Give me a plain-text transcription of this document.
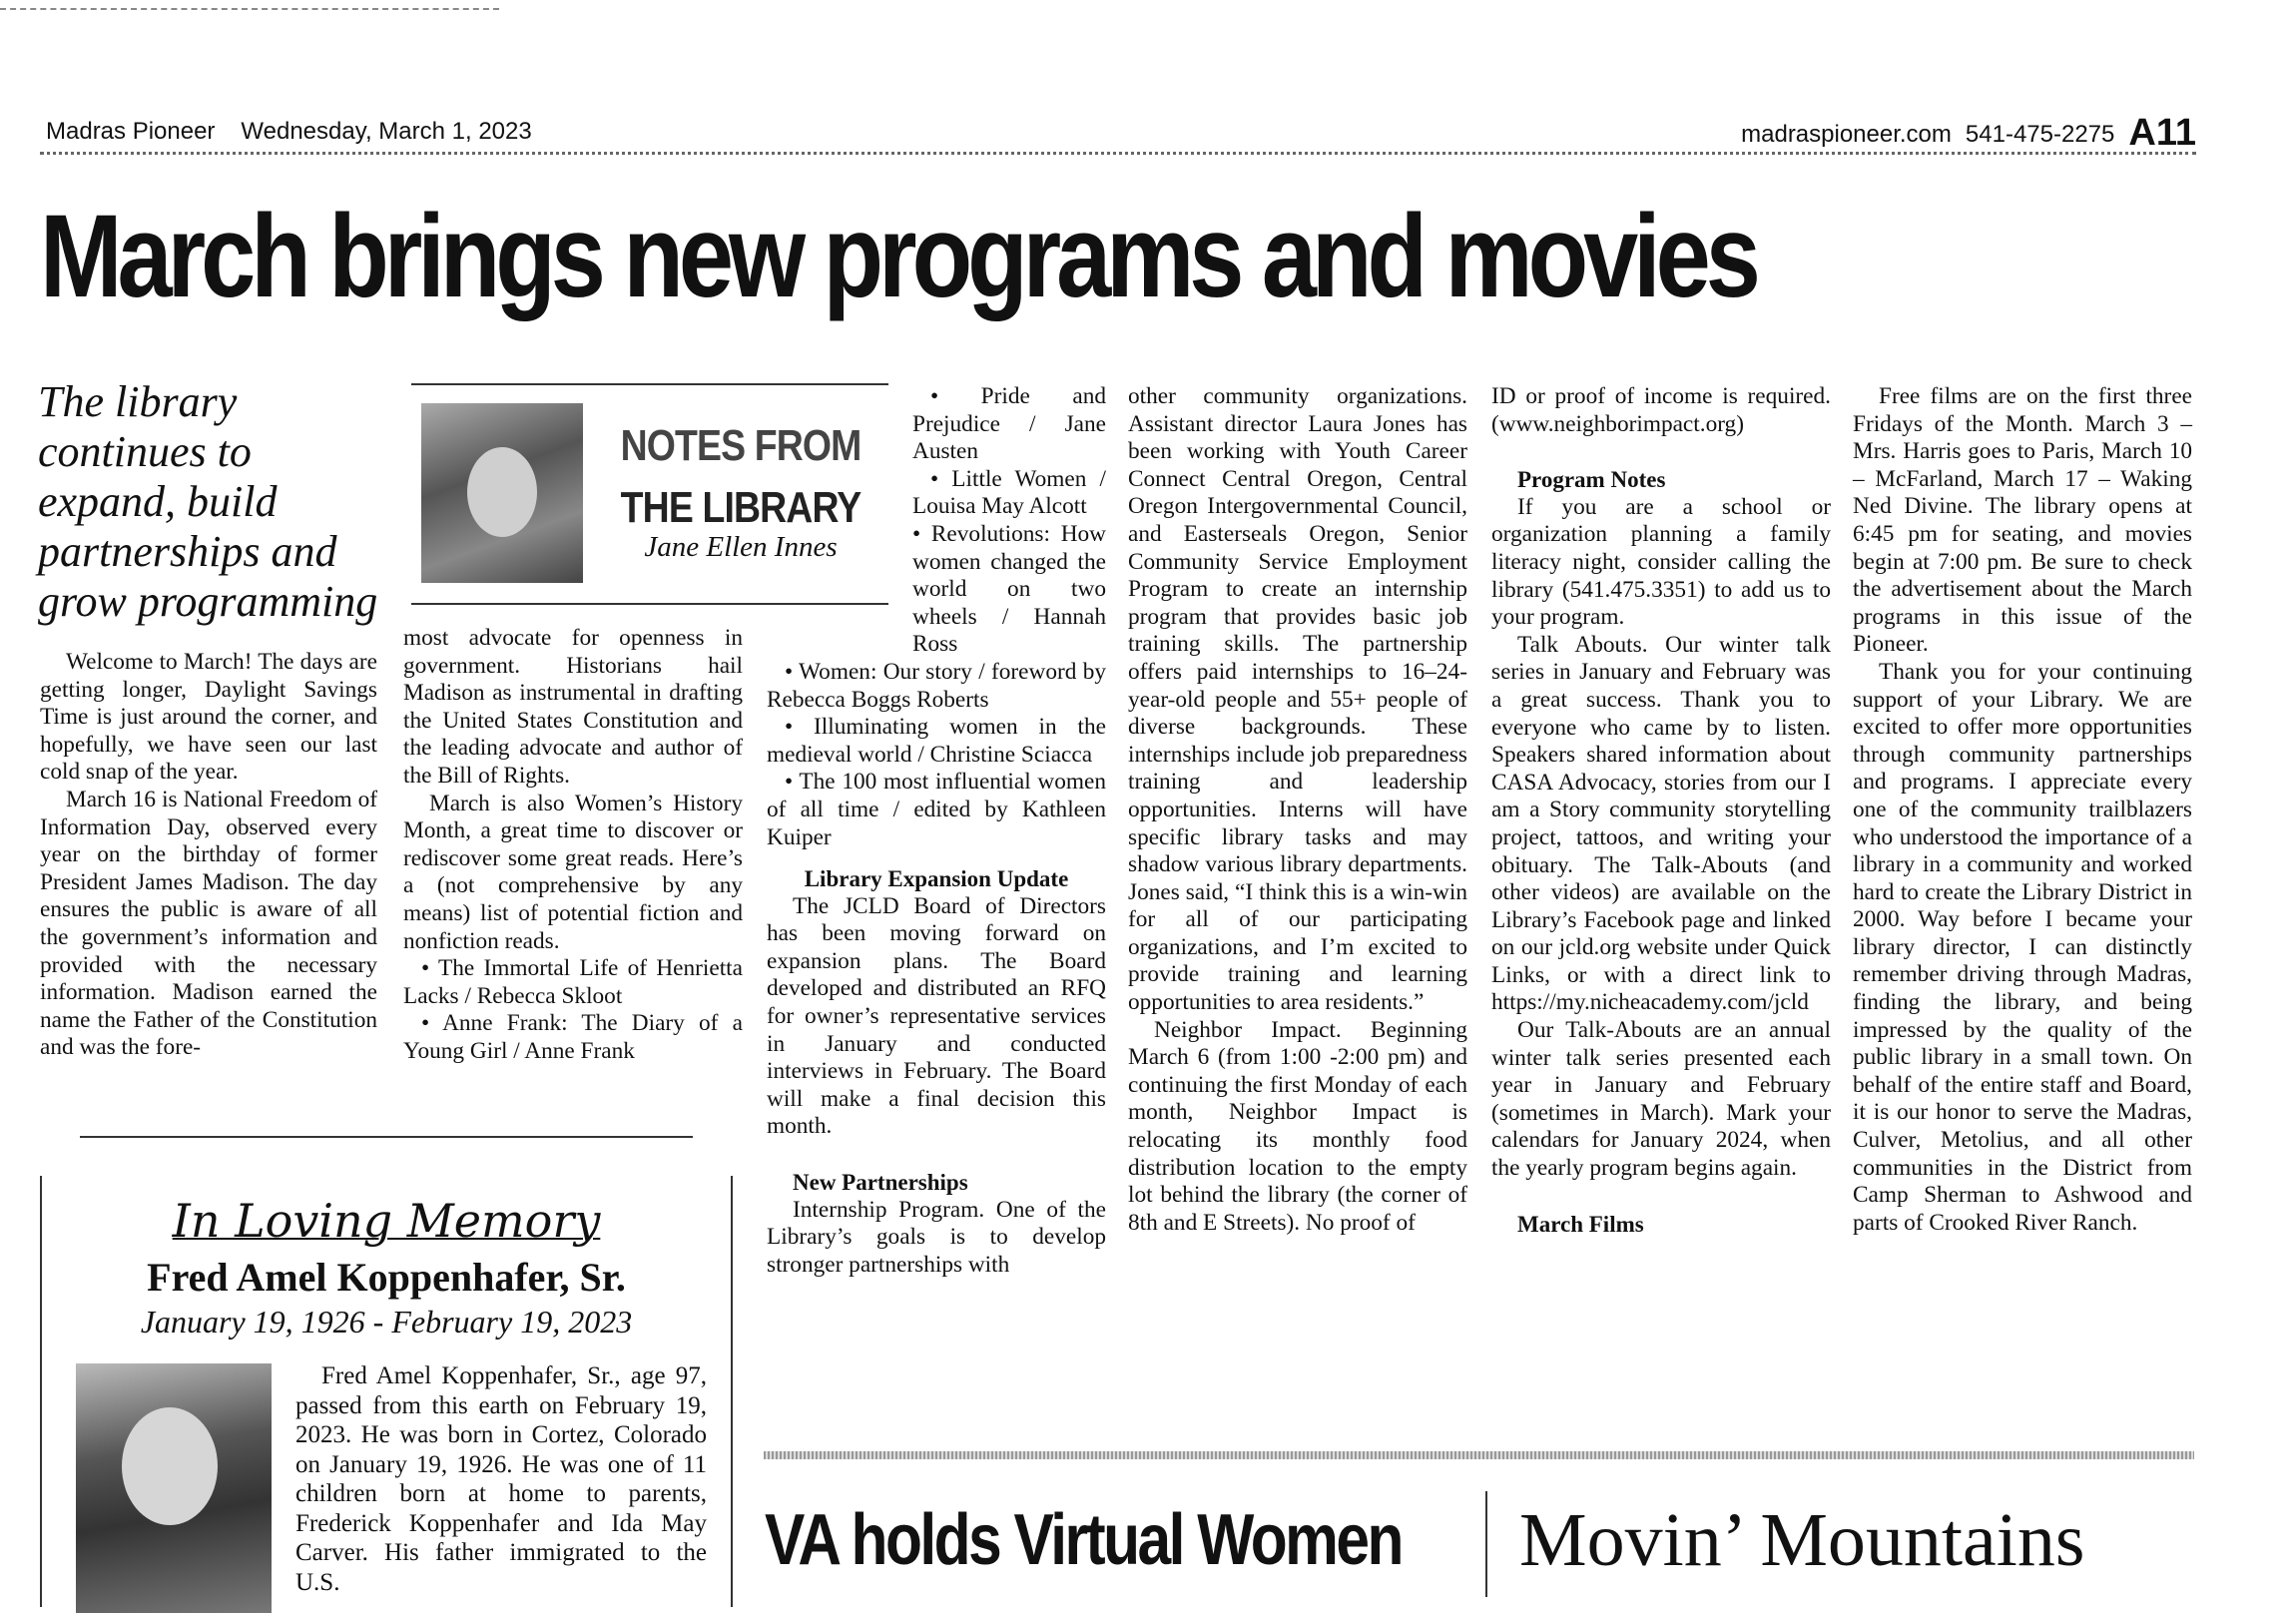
Madras Pioneer Wednesday, March 1, 2023	madraspioneer.com 541-475-2275 A11
March brings new programs and movies
The library continues to expand, build partnerships and grow programming
NOTES FROM
THE LIBRARY
Jane Ellen Innes

Welcome to March! The days are getting longer, Daylight Savings Time is just around the corner, and hopefully, we have seen our last cold snap of the year.

March 16 is National Freedom of Information Day, observed every year on the birthday of former President James Madison. The day ensures the public is aware of all the government’s information and provided with the necessary information. Madison earned the name the Father of the Constitution and was the fore-

most advocate for openness in government. Historians hail Madison as instrumental in drafting the United States Constitution and the leading advocate and author of the Bill of Rights.

March is also Women’s History Month, a great time to discover or rediscover some great reads. Here’s a (not comprehensive by any means) list of potential fiction and nonfiction reads.

• The Immortal Life of Henrietta Lacks / Rebecca Skloot

• Anne Frank: The Diary of a Young Girl / Anne Frank

• Pride and Prejudice / Jane Austen

• Little Women / Louisa May Alcott

• Revolutions: How women changed the world on two wheels / Hannah Ross

• Women: Our story / foreword by Rebecca Boggs Roberts

• Illuminating women in the medieval world / Christine Sciacca

• The 100 most influential women of all time / edited by Kathleen Kuiper

Library Expansion Update

The JCLD Board of Directors has been moving forward on expansion plans. The Board developed and distributed an RFQ for owner’s representative services in January and conducted interviews in February. The Board will make a final decision this month.

New Partnerships

Internship Program. One of the Library’s goals is to develop stronger partnerships with

other community organizations. Assistant director Laura Jones has been working with Youth Career Connect Central Oregon, Central Oregon Intergovernmental Council, and Easterseals Oregon, Senior Community Service Employment Program to create an internship program that provides basic job training skills. The partnership offers paid internships to 16–24-year-old people and 55+ people of diverse backgrounds. These internships include job preparedness training and leadership opportunities. Interns will have specific library tasks and may shadow various library departments. Jones said, “I think this is a win-win for all of our participating organizations, and I’m excited to provide training and learning opportunities to area residents.”

Neighbor Impact. Beginning March 6 (from 1:00 -2:00 pm) and continuing the first Monday of each month, Neighbor Impact is relocating its monthly food distribution location to the empty lot behind the library (the corner of 8th and E Streets). No proof of

ID or proof of income is required. (www.neighborimpact.org)

Program Notes

If you are a school or organization planning a family literacy night, consider calling the library (541.475.3351) to add us to your program.

Talk Abouts. Our winter talk series in January and February was a great success. Thank you to everyone who came by to listen. Speakers shared information about CASA Advocacy, stories from our I am a Story community storytelling project, tattoos, and writing your obituary. The Talk-Abouts (and other videos) are available on the Library’s Facebook page and linked on our jcld.org website under Quick Links, or with a direct link to https://my.nicheacademy.com/jcld

Our Talk-Abouts are an annual winter talk series presented each year in January and February (sometimes in March). Mark your calendars for January 2024, when the yearly program begins again.

March Films

Free films are on the first three Fridays of the Month. March 3 – Mrs. Harris goes to Paris, March 10 – McFarland, March 17 – Waking Ned Divine. The library opens at 6:45 pm for seating, and movies begin at 7:00 pm. Be sure to check the advertisement about the March programs in this issue of the Pioneer.

Thank you for your continuing support of your Library. We are excited to offer more opportunities through community partnerships and programs. I appreciate every one of the community trailblazers who understood the importance of a library in a community and worked hard to create the Library District in 2000. Way before I became your library director, I can distinctly remember driving through Madras, finding the library, and being impressed by the quality of the public library in a small town. On behalf of the entire staff and Board, it is our honor to serve the Madras, Culver, Metolius, and all other communities in the District from Camp Sherman to Ashwood and parts of Crooked River Ranch.

In Loving Memory
Fred Amel Koppenhafer, Sr.
January 19, 1926 - February 19, 2023

Fred Amel Koppenhafer, Sr., age 97, passed from this earth on February 19, 2023. He was born in Cortez, Colorado on January 19, 1926. He was one of 11 children born at home to parents, Frederick Koppenhafer and Ida May Carver. His father immigrated to the U.S.

VA holds Virtual Women Movin’ Mountains
